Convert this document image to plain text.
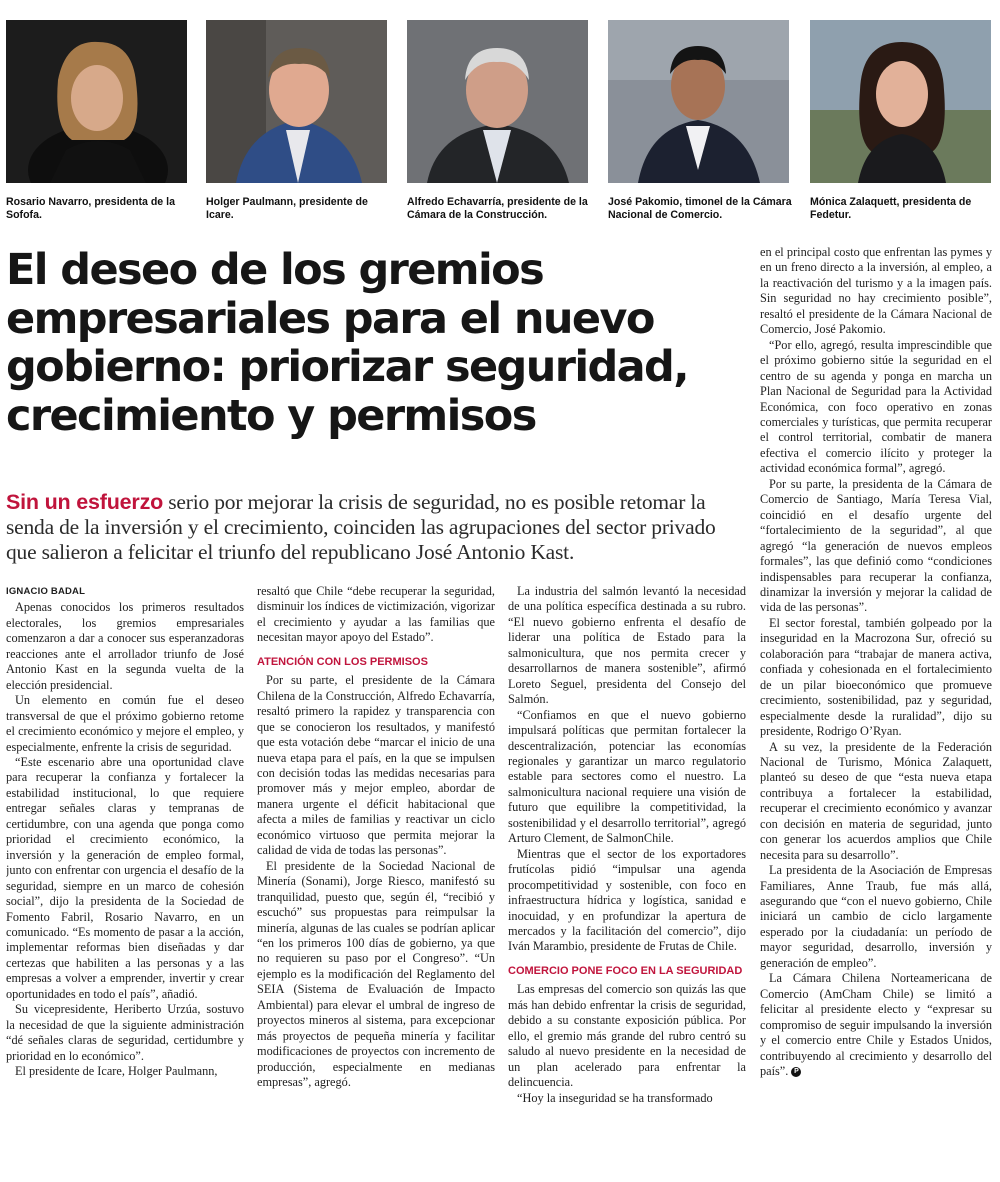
Rosario Navarro, presidenta de la Sofofa.
Holger Paulmann, presidente de Icare.
Alfredo Echavarría, presidente de la Cámara de la Construcción.
José Pakomio, timonel de la Cámara Nacional de Comercio.
Mónica Zalaquett, presidenta de Fedetur.
El deseo de los gremios empresariales para el nuevo gobierno: priorizar seguridad, crecimiento y permisos

Sin un esfuerzo serio por mejorar la crisis de seguridad, no es posible retomar la senda de la inversión y el crecimiento, coinciden las agrupaciones del sector privado que salieron a felicitar el triunfo del republicano José Antonio Kast.

IGNACIO BADAL

Apenas conocidos los primeros resultados electorales, los gremios empresariales comenzaron a dar a conocer sus esperanzadoras reacciones ante el arrollador triunfo de José Antonio Kast en la segunda vuelta de la elección presidencial.

Un elemento en común fue el deseo transversal de que el próximo gobierno retome el crecimiento económico y mejore el empleo, y especialmente, enfrente la crisis de seguridad.

“Este escenario abre una oportunidad clave para recuperar la confianza y fortalecer la estabilidad institucional, lo que requiere entregar señales claras y tempranas de certidumbre, con una agenda que ponga como prioridad el crecimiento económico, la inversión y la generación de empleo formal, junto con enfrentar con urgencia el desafío de la seguridad, siempre en un marco de cohesión social”, dijo la presidenta de la Sociedad de Fomento Fabril, Rosario Navarro, en un comunicado. “Es momento de pasar a la acción, implementar reformas bien diseñadas y dar certezas que habiliten a las personas y a las empresas a volver a emprender, invertir y crear oportunidades en todo el país”, añadió.

Su vicepresidente, Heriberto Urzúa, sostuvo la necesidad de que la siguiente administración “dé señales claras de seguridad, certidumbre y prioridad en lo económico”.

El presidente de Icare, Holger Paulmann,

resaltó que Chile “debe recuperar la seguridad, disminuir los índices de victimización, vigorizar el crecimiento y ayudar a las familias que necesitan mayor apoyo del Estado”.

ATENCIÓN CON LOS PERMISOS

Por su parte, el presidente de la Cámara Chilena de la Construcción, Alfredo Echavarría, resaltó primero la rapidez y transparencia con que se conocieron los resultados, y manifestó que esta votación debe “marcar el inicio de una nueva etapa para el país, en la que se impulsen con decisión todas las medidas necesarias para promover más y mejor empleo, abordar de manera urgente el déficit habitacional que afecta a miles de familias y reactivar un ciclo económico virtuoso que permita mejorar la calidad de vida de todas las personas”.

El presidente de la Sociedad Nacional de Minería (Sonami), Jorge Riesco, manifestó su tranquilidad, puesto que, según él, “recibió y escuchó” sus propuestas para reimpulsar la minería, algunas de las cuales se podrían aplicar “en los primeros 100 días de gobierno, ya que no requieren su paso por el Congreso”. “Un ejemplo es la modificación del Reglamento del SEIA (Sistema de Evaluación de Impacto Ambiental) para elevar el umbral de ingreso de proyectos mineros al sistema, para excepcionar más proyectos de pequeña minería y facilitar modificaciones de proyectos con incremento de producción, especialmente en medianas empresas”, agregó.

La industria del salmón levantó la necesidad de una política específica destinada a su rubro. “El nuevo gobierno enfrenta el desafío de liderar una política de Estado para la salmonicultura, que nos permita crecer y desarrollarnos de manera sostenible”, afirmó Loreto Seguel, presidenta del Consejo del Salmón.

“Confiamos en que el nuevo gobierno impulsará políticas que permitan fortalecer la descentralización, potenciar las economías regionales y garantizar un marco regulatorio estable para sectores como el nuestro. La salmonicultura nacional requiere una visión de futuro que equilibre la competitividad, la sostenibilidad y el desarrollo territorial”, agregó Arturo Clement, de SalmonChile.

Mientras que el sector de los exportadores frutícolas pidió “impulsar una agenda procompetitividad y sostenible, con foco en infraestructura hídrica y logística, sanidad e inocuidad, y en profundizar la apertura de mercados y la facilitación del comercio”, dijo Iván Marambio, presidente de Frutas de Chile.

COMERCIO PONE FOCO EN LA SEGURIDAD

Las empresas del comercio son quizás las que más han debido enfrentar la crisis de seguridad, debido a su constante exposición pública. Por ello, el gremio más grande del rubro centró su saludo al nuevo presidente en la necesidad de un plan acelerado para enfrentar la delincuencia.

“Hoy la inseguridad se ha transformado

en el principal costo que enfrentan las pymes y en un freno directo a la inversión, al empleo, a la reactivación del turismo y a la imagen país. Sin seguridad no hay crecimiento posible”, resaltó el presidente de la Cámara Nacional de Comercio, José Pakomio.

“Por ello, agregó, resulta imprescindible que el próximo gobierno sitúe la seguridad en el centro de su agenda y ponga en marcha un Plan Nacional de Seguridad para la Actividad Económica, con foco operativo en zonas comerciales y turísticas, que permita recuperar el control territorial, combatir de manera efectiva el comercio ilícito y proteger la actividad económica formal”, agregó.

Por su parte, la presidenta de la Cámara de Comercio de Santiago, María Teresa Vial, coincidió en el desafío urgente del “fortalecimiento de la seguridad”, al que agregó “la generación de nuevos empleos formales”, las que definió como “condiciones indispensables para recuperar la confianza, dinamizar la inversión y mejorar la calidad de vida de las personas”.

El sector forestal, también golpeado por la inseguridad en la Macrozona Sur, ofreció su colaboración para “trabajar de manera activa, confiada y cohesionada en el fortalecimiento de un pilar bioeconómico que promueve crecimiento, sostenibilidad, paz y seguridad, especialmente desde la ruralidad”, dijo su presidente, Rodrigo O’Ryan.

A su vez, la presidente de la Federación Nacional de Turismo, Mónica Zalaquett, planteó su deseo de que “esta nueva etapa contribuya a fortalecer la estabilidad, recuperar el crecimiento económico y avanzar con decisión en materia de seguridad, junto con generar los acuerdos amplios que Chile necesita para su desarrollo”.

La presidenta de la Asociación de Empresas Familiares, Anne Traub, fue más allá, asegurando que “con el nuevo gobierno, Chile iniciará un cambio de ciclo largamente esperado por la ciudadanía: un período de mayor seguridad, desarrollo, inversión y generación de empleo”.

La Cámara Chilena Norteamericana de Comercio (AmCham Chile) se limitó a felicitar al presidente electo y “expresar su compromiso de seguir impulsando la inversión y el comercio entre Chile y Estados Unidos, contribuyendo al crecimiento y desarrollo del país”. P
